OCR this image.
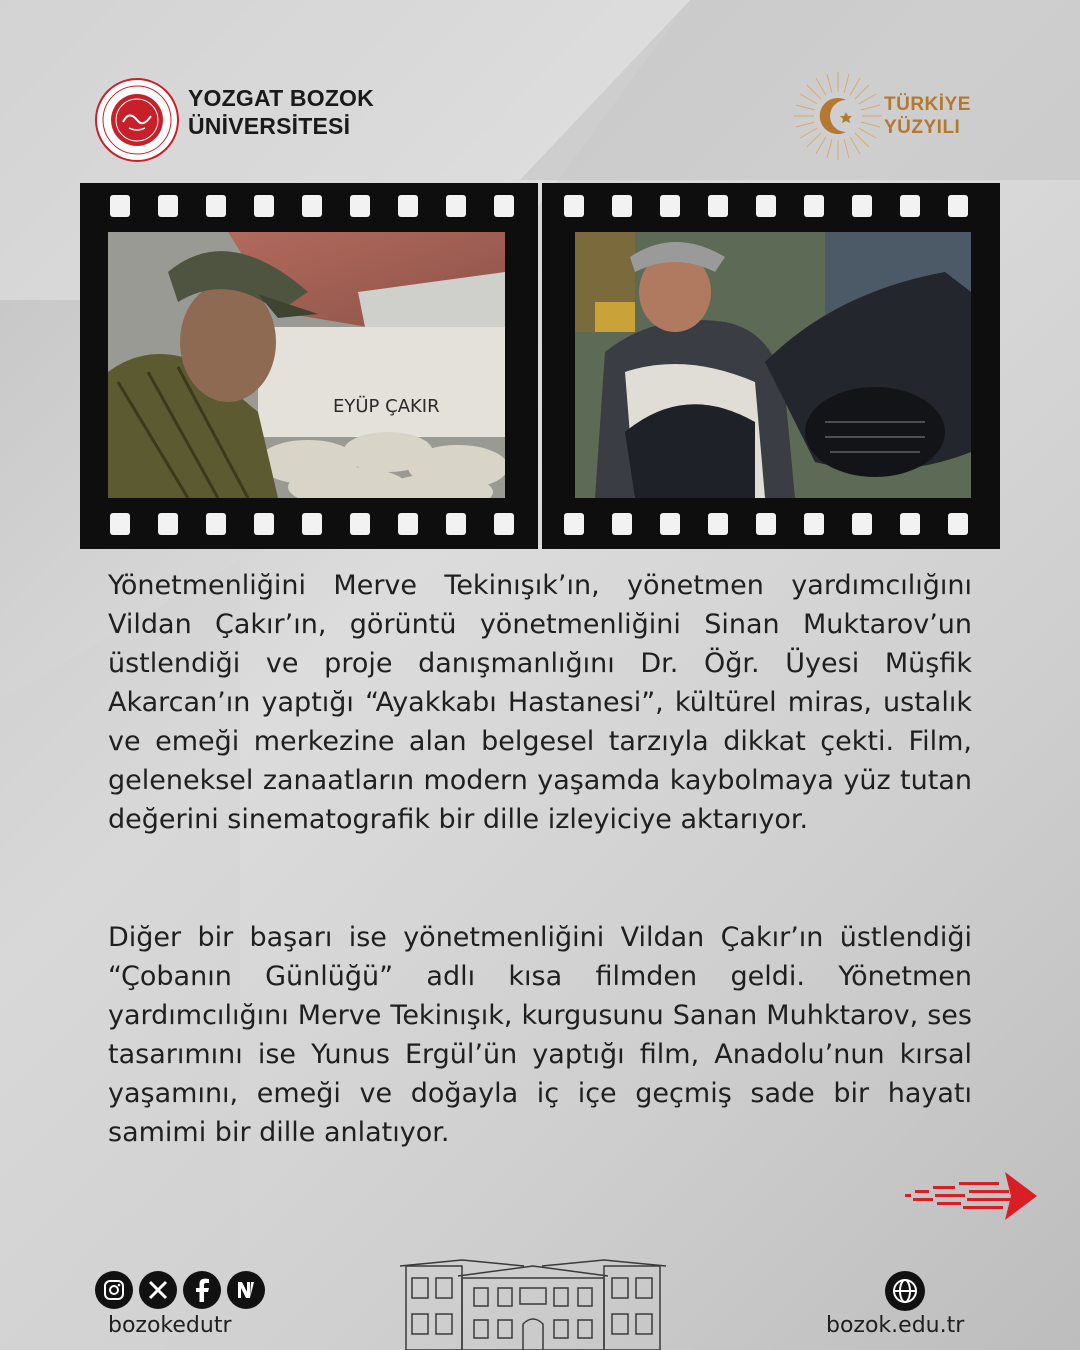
YOZGAT BOZOK
ÜNİVERSİTESİ
TÜRKİYE
YÜZYILI
EYÜP ÇAKIR

Yönetmenliğini Merve Tekinışık’ın, yönetmen yardımcılığını Vildan Çakır’ın, görüntü yönetmenliğini Sinan Muktarov’un üstlendiği ve proje danışmanlığını Dr. Öğr. Üyesi Müşfik Akarcan’ın yaptığı “Ayakkabı Hastanesi”, kültürel miras, ustalık ve emeği merkezine alan belgesel tarzıyla dikkat çekti. Film, geleneksel zanaatların modern yaşamda kaybolmaya yüz tutan değerini sinematografik bir dille izleyiciye aktarıyor.

Diğer bir başarı ise yönetmenliğini Vildan Çakır’ın üstlendiği “Çobanın Günlüğü” adlı kısa filmden geldi. Yönetmen yardımcılığını Merve Tekinışık, kurgusunu Sanan Muhktarov, ses tasarımını ise Yunus Ergül’ün yaptığı film, Anadolu’nun kırsal yaşamını, emeği ve doğayla iç içe geçmiş sade bir hayatı samimi bir dille anlatıyor.

bozokedutr	bozok.edu.tr
